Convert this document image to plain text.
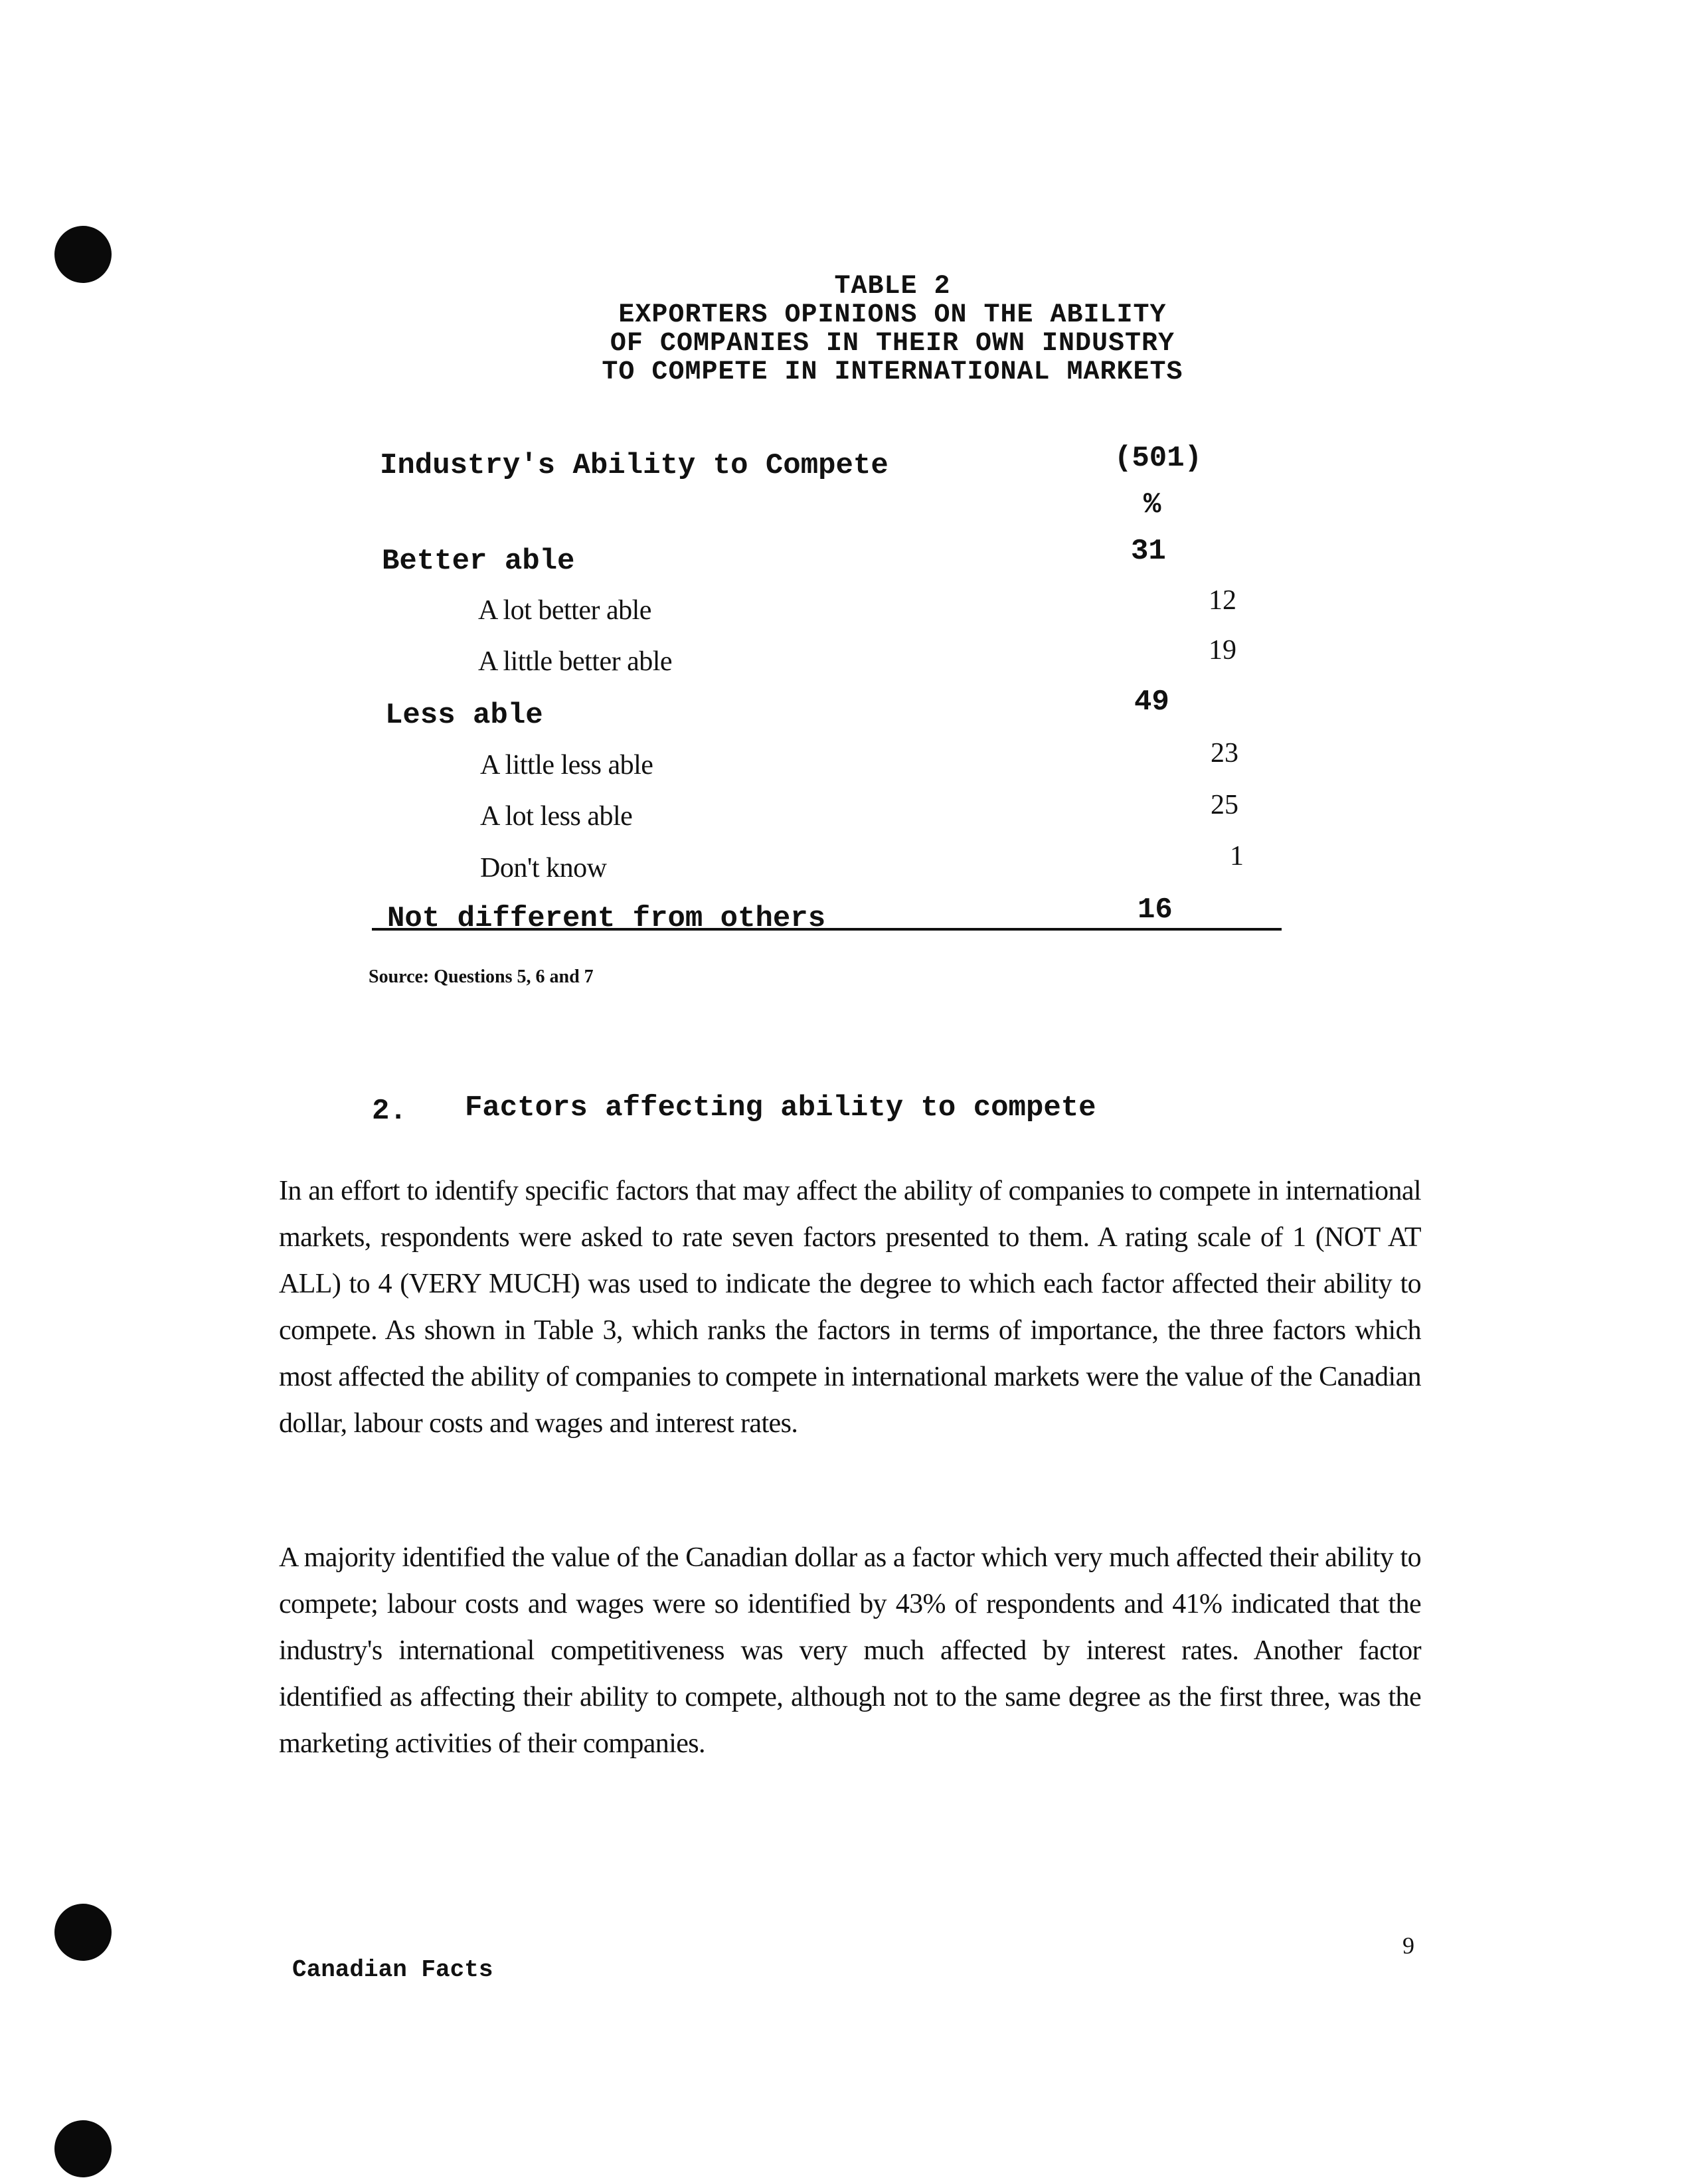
TABLE 2
EXPORTERS OPINIONS ON THE ABILITY
OF COMPANIES IN THEIR OWN INDUSTRY
TO COMPETE IN INTERNATIONAL MARKETS
Industry's Ability to Compete	(501)
%
Better able	31
A lot better able	12
A little better able	19
Less able	49
A little less able	23
A lot less able	25
Don't know	1
Not different from others	16
Source: Questions 5, 6 and 7
2. Factors affecting ability to compete

In an effort to identify specific factors that may affect the ability of companies to compete in international markets, respondents were asked to rate seven factors presented to them. A rating scale of 1 (NOT AT ALL) to 4 (VERY MUCH) was used to indicate the degree to which each factor affected their ability to compete. As shown in Table 3, which ranks the factors in terms of importance, the three factors which most affected the ability of companies to compete in international markets were the value of the Canadian dollar, labour costs and wages and interest rates.

A majority identified the value of the Canadian dollar as a factor which very much affected their ability to compete; labour costs and wages were so identified by 43% of respondents and 41% indicated that the industry's international competitiveness was very much affected by interest rates. Another factor identified as affecting their ability to compete, although not to the same degree as the first three, was the marketing activities of their companies.

Canadian Facts
9
